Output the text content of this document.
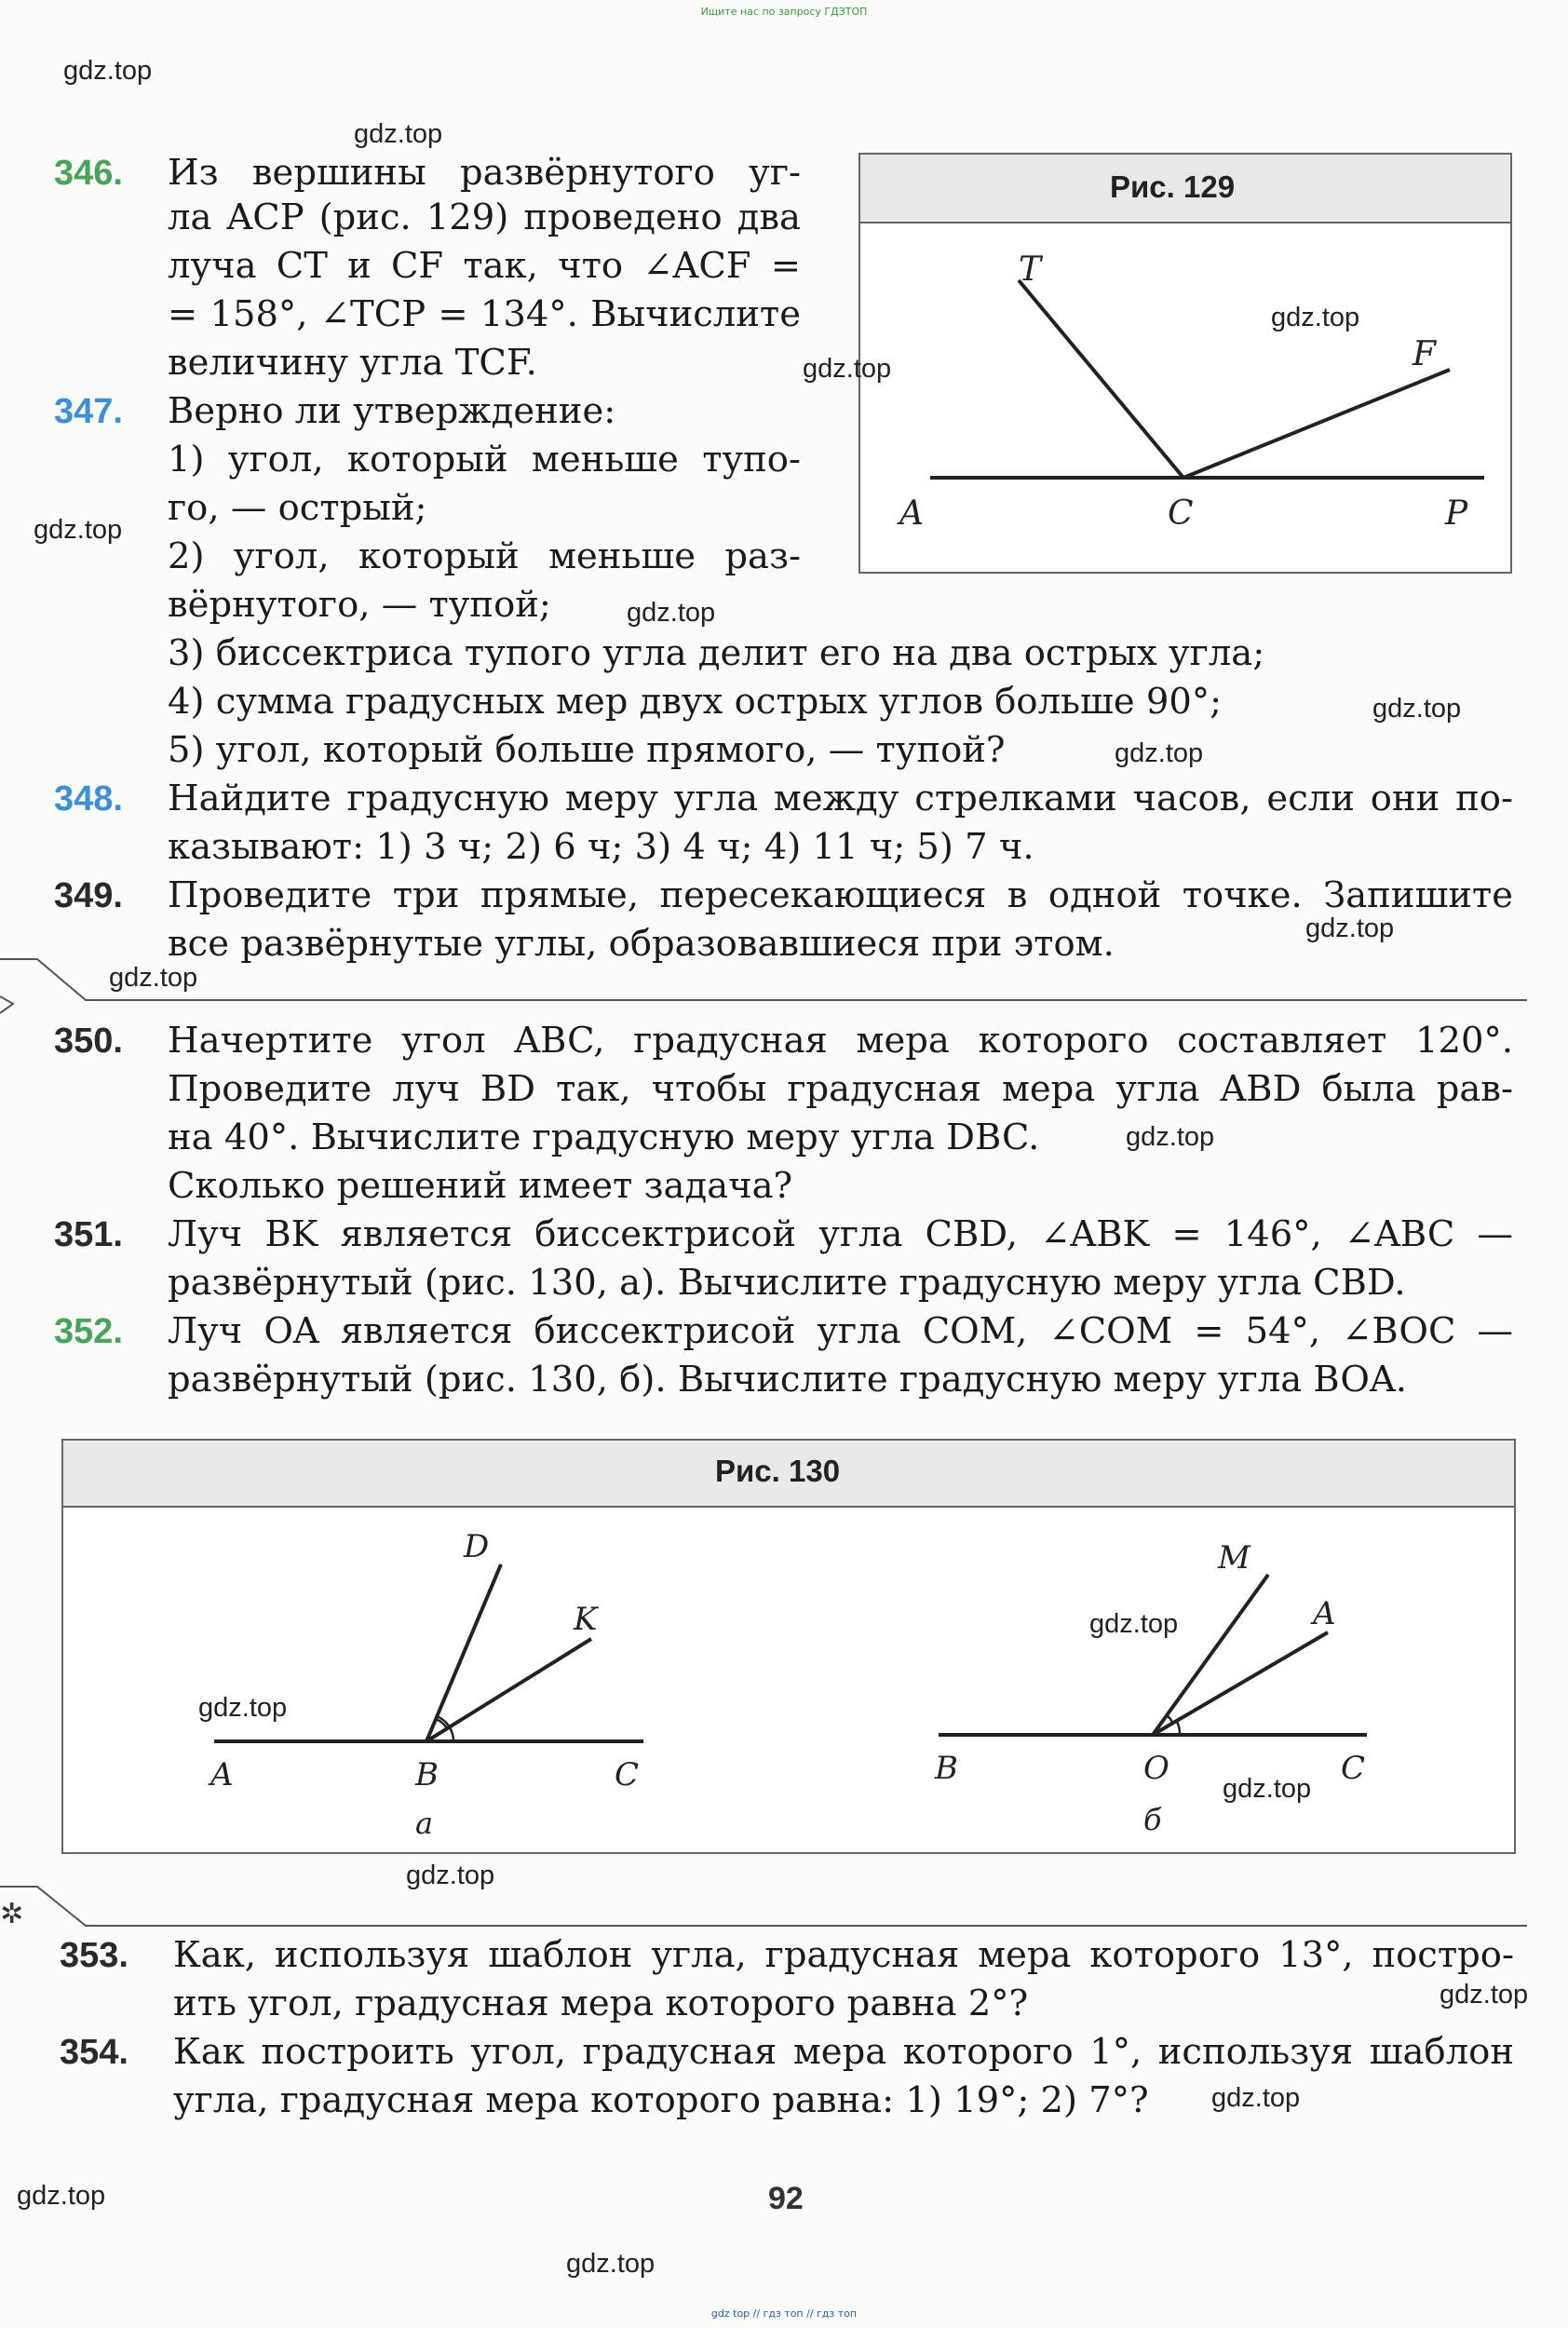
Ищите нас по запросу ГДЗТОП
346. Из вершины развёрнутого уг-
ла ACP (рис. 129) проведено два
луча CT и CF так, что ∠ACF =
= 158°, ∠TCP = 134°. Вычислите
величину угла TCF.
347. Верно ли утверждение:
1) угол, который меньше тупо-
го, — острый;
2) угол, который меньше раз-
вёрнутого, — тупой;
3) биссектриса тупого угла делит его на два острых угла;
4) сумма градусных мер двух острых углов больше 90°;
5) угол, который больше прямого, — тупой?
348. Найдите градусную меру угла между стрелками часов, если они по-
казывают: 1) 3 ч; 2) 6 ч; 3) 4 ч; 4) 11 ч; 5) 7 ч.
349. Проведите три прямые, пересекающиеся в одной точке. Запишите
все развёрнутые углы, образовавшиеся при этом.
350. Начертите угол ABC, градусная мера которого составляет 120°.
Проведите луч BD так, чтобы градусная мера угла ABD была рав-
на 40°. Вычислите градусную меру угла DBC.
Сколько решений имеет задача?
351. Луч BK является биссектрисой угла CBD, ∠ABK = 146°, ∠ABC —
развёрнутый (рис. 130, а). Вычислите градусную меру угла CBD.
352. Луч OA является биссектрисой угла COM, ∠COM = 54°, ∠BOC —
развёрнутый (рис. 130, б). Вычислите градусную меру угла BOA.
353. Как, используя шаблон угла, градусная мера которого 13°, постро-
ить угол, градусная мера которого равна 2°?
354. Как построить угол, градусная мера которого 1°, используя шаблон
угла, градусная мера которого равна: 1) 19°; 2) 7°?
Рис. 129
T
F
A	C	P
Рис. 130
D
K
A	B	C
а
M
A
B	O	C
б
✲
gdz.top
gdz.top
gdz.top
gdz.top
gdz.top
gdz.top
gdz.top
gdz.top
gdz.top
gdz.top
gdz.top
gdz.top
gdz.top
gdz.top
gdz.top
gdz.top
gdz.top
gdz.top
gdz.top
92
gdz top // гдз топ // гдз топ
